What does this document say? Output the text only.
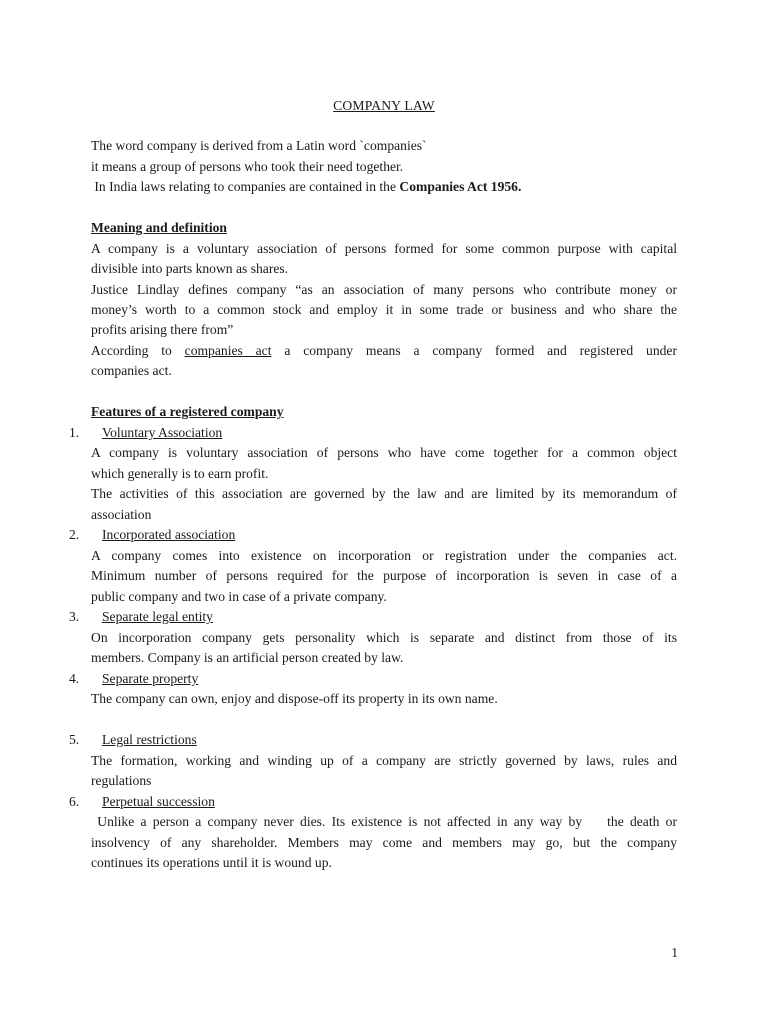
COMPANY LAW
The word company is derived from a Latin word `companies`
it means a group of persons who took their need together.
In India laws relating to companies are contained in the Companies Act 1956.
Meaning and definition
A company is a voluntary association of persons formed for some common purpose with capital
divisible into parts known as shares.
Justice Lindlay defines company “as an association of many persons who contribute money or
money’s worth to a common stock and employ it in some trade or business and who share the
profits arising there from”
According to companies act a company means a company formed and registered under
companies act.
Features of a registered company
1. Voluntary Association
A company is voluntary association of persons who have come together for a common object
which generally is to earn profit.
The activities of this association are governed by the law and are limited by its memorandum of
association
2. Incorporated association
A company comes into existence on incorporation or registration under the companies act.
Minimum number of persons required for the purpose of incorporation is seven in case of a
public company and two in case of a private company.
3. Separate legal entity
On incorporation company gets personality which is separate and distinct from those of its
members. Company is an artificial person created by law.
4. Separate property
The company can own, enjoy and dispose-off its property in its own name.
5. Legal restrictions
The formation, working and winding up of a company are strictly governed by laws, rules and
regulations
6. Perpetual succession
Unlike a person a company never dies. Its existence is not affected in any way by    the death or
insolvency of any shareholder. Members may come and members may go, but the company
continues its operations until it is wound up.
1
